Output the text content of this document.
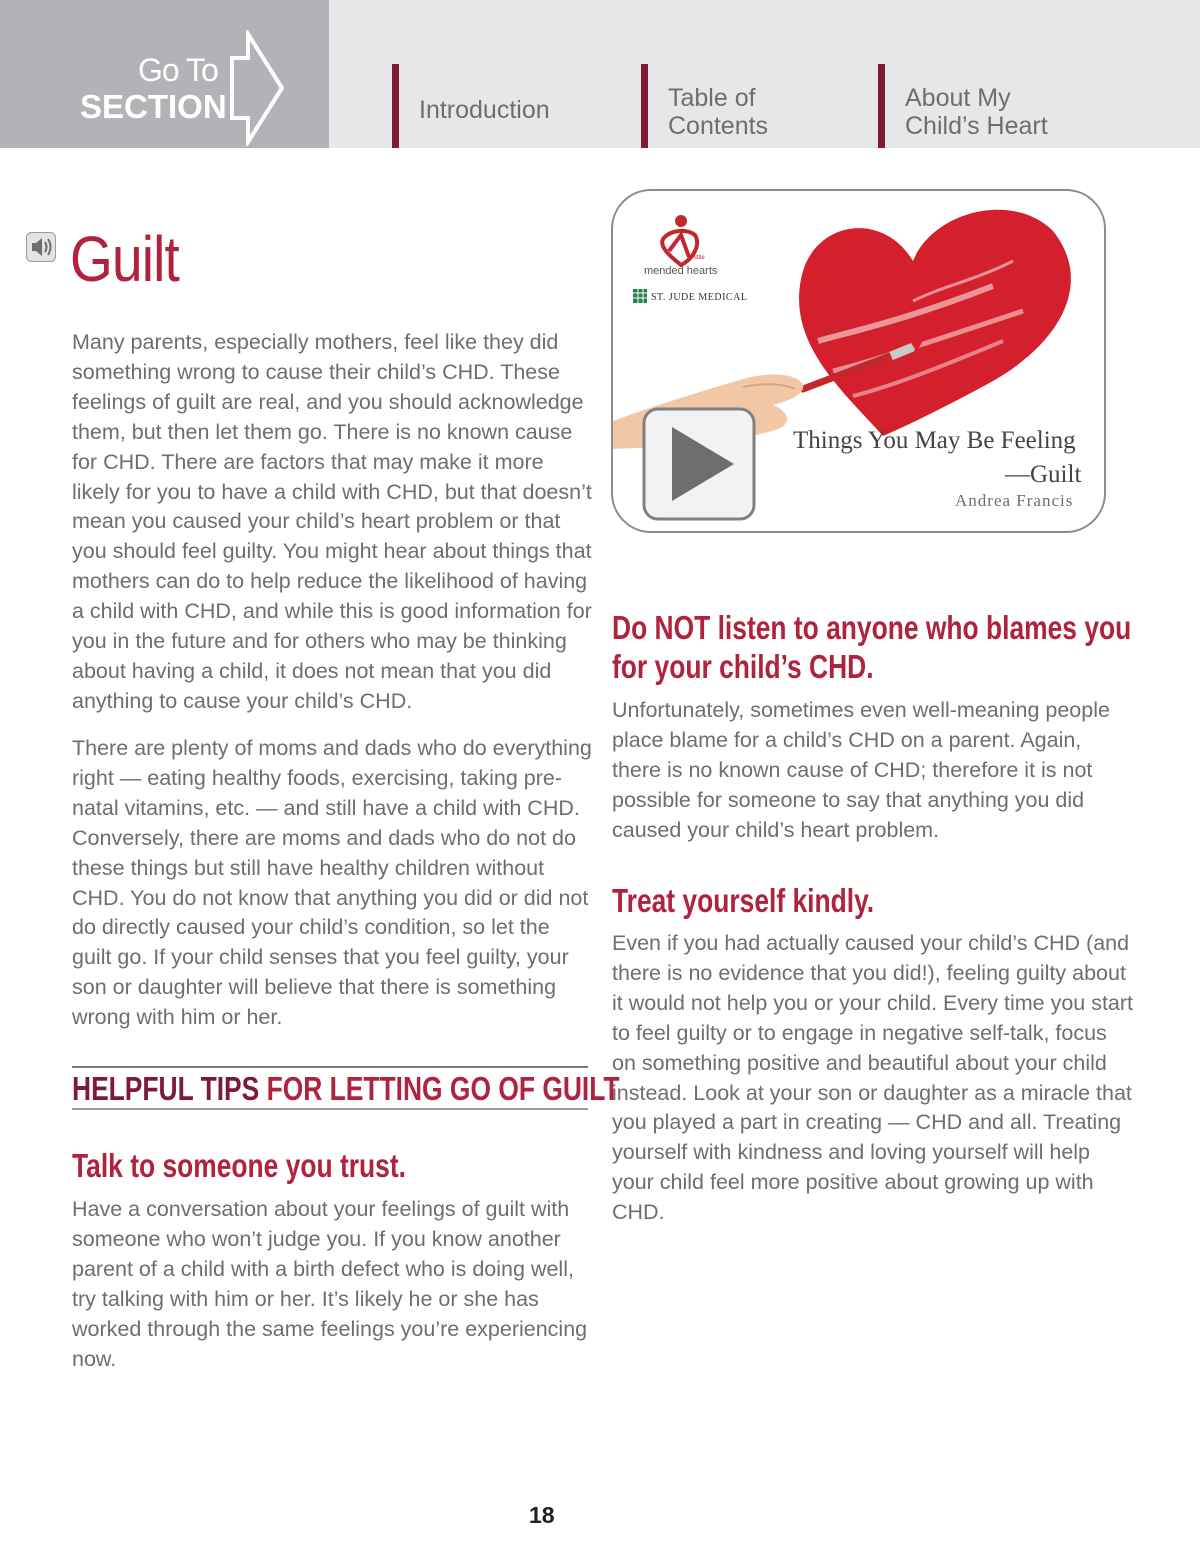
Go To
SECTION	Introduction	Table of
Contents
About My
Child’s Heart
Guilt

Many parents, especially mothers, feel like they did something wrong to cause their child’s CHD. These feelings of guilt are real, and you should acknowledge them, but then let them go. There is no known cause for CHD. There are factors that may make it more likely for you to have a child with CHD, but that doesn’t mean you caused your child’s heart problem or that you should feel guilty. You might hear about things that mothers can do to help reduce the likelihood of having a child with CHD, and while this is good information for you in the future and for others who may be thinking about having a child, it does not mean that you did anything to cause your child’s CHD.

There are plenty of moms and dads who do everything right — eating healthy foods, exercising, taking pre-natal vitamins, etc. — and still have a child with CHD. Conversely, there are moms and dads who do not do these things but still have healthy children without CHD. You do not know that anything you did or did not do directly caused your child’s condition, so let the guilt go. If your child senses that you feel guilty, your son or daughter will believe that there is something wrong with him or her.

HELPFUL TIPS FOR LETTING GO OF GUILT
Talk to someone you trust.

Have a conversation about your feelings of guilt with someone who won’t judge you. If you know another parent of a child with a birth defect who is doing well, try talking with him or her. It’s likely he or she has worked through the same feelings you’re experiencing now.

mended hearts
little
ST. JUDE MEDICAL
Things You May Be Feeling
—Guilt
Andrea Francis
Do NOT listen to anyone who blames you
for your child’s CHD.

Unfortunately, sometimes even well-meaning people place blame for a child’s CHD on a parent. Again, there is no known cause of CHD; therefore it is not possible for someone to say that anything you did caused your child’s heart problem.

Treat yourself kindly.

Even if you had actually caused your child’s CHD (and there is no evidence that you did!), feeling guilty about it would not help you or your child. Every time you start to feel guilty or to engage in negative self-talk, focus on something positive and beautiful about your child instead. Look at your son or daughter as a miracle that you played a part in creating — CHD and all. Treating yourself with kindness and loving yourself will help your child feel more positive about growing up with CHD.

18
